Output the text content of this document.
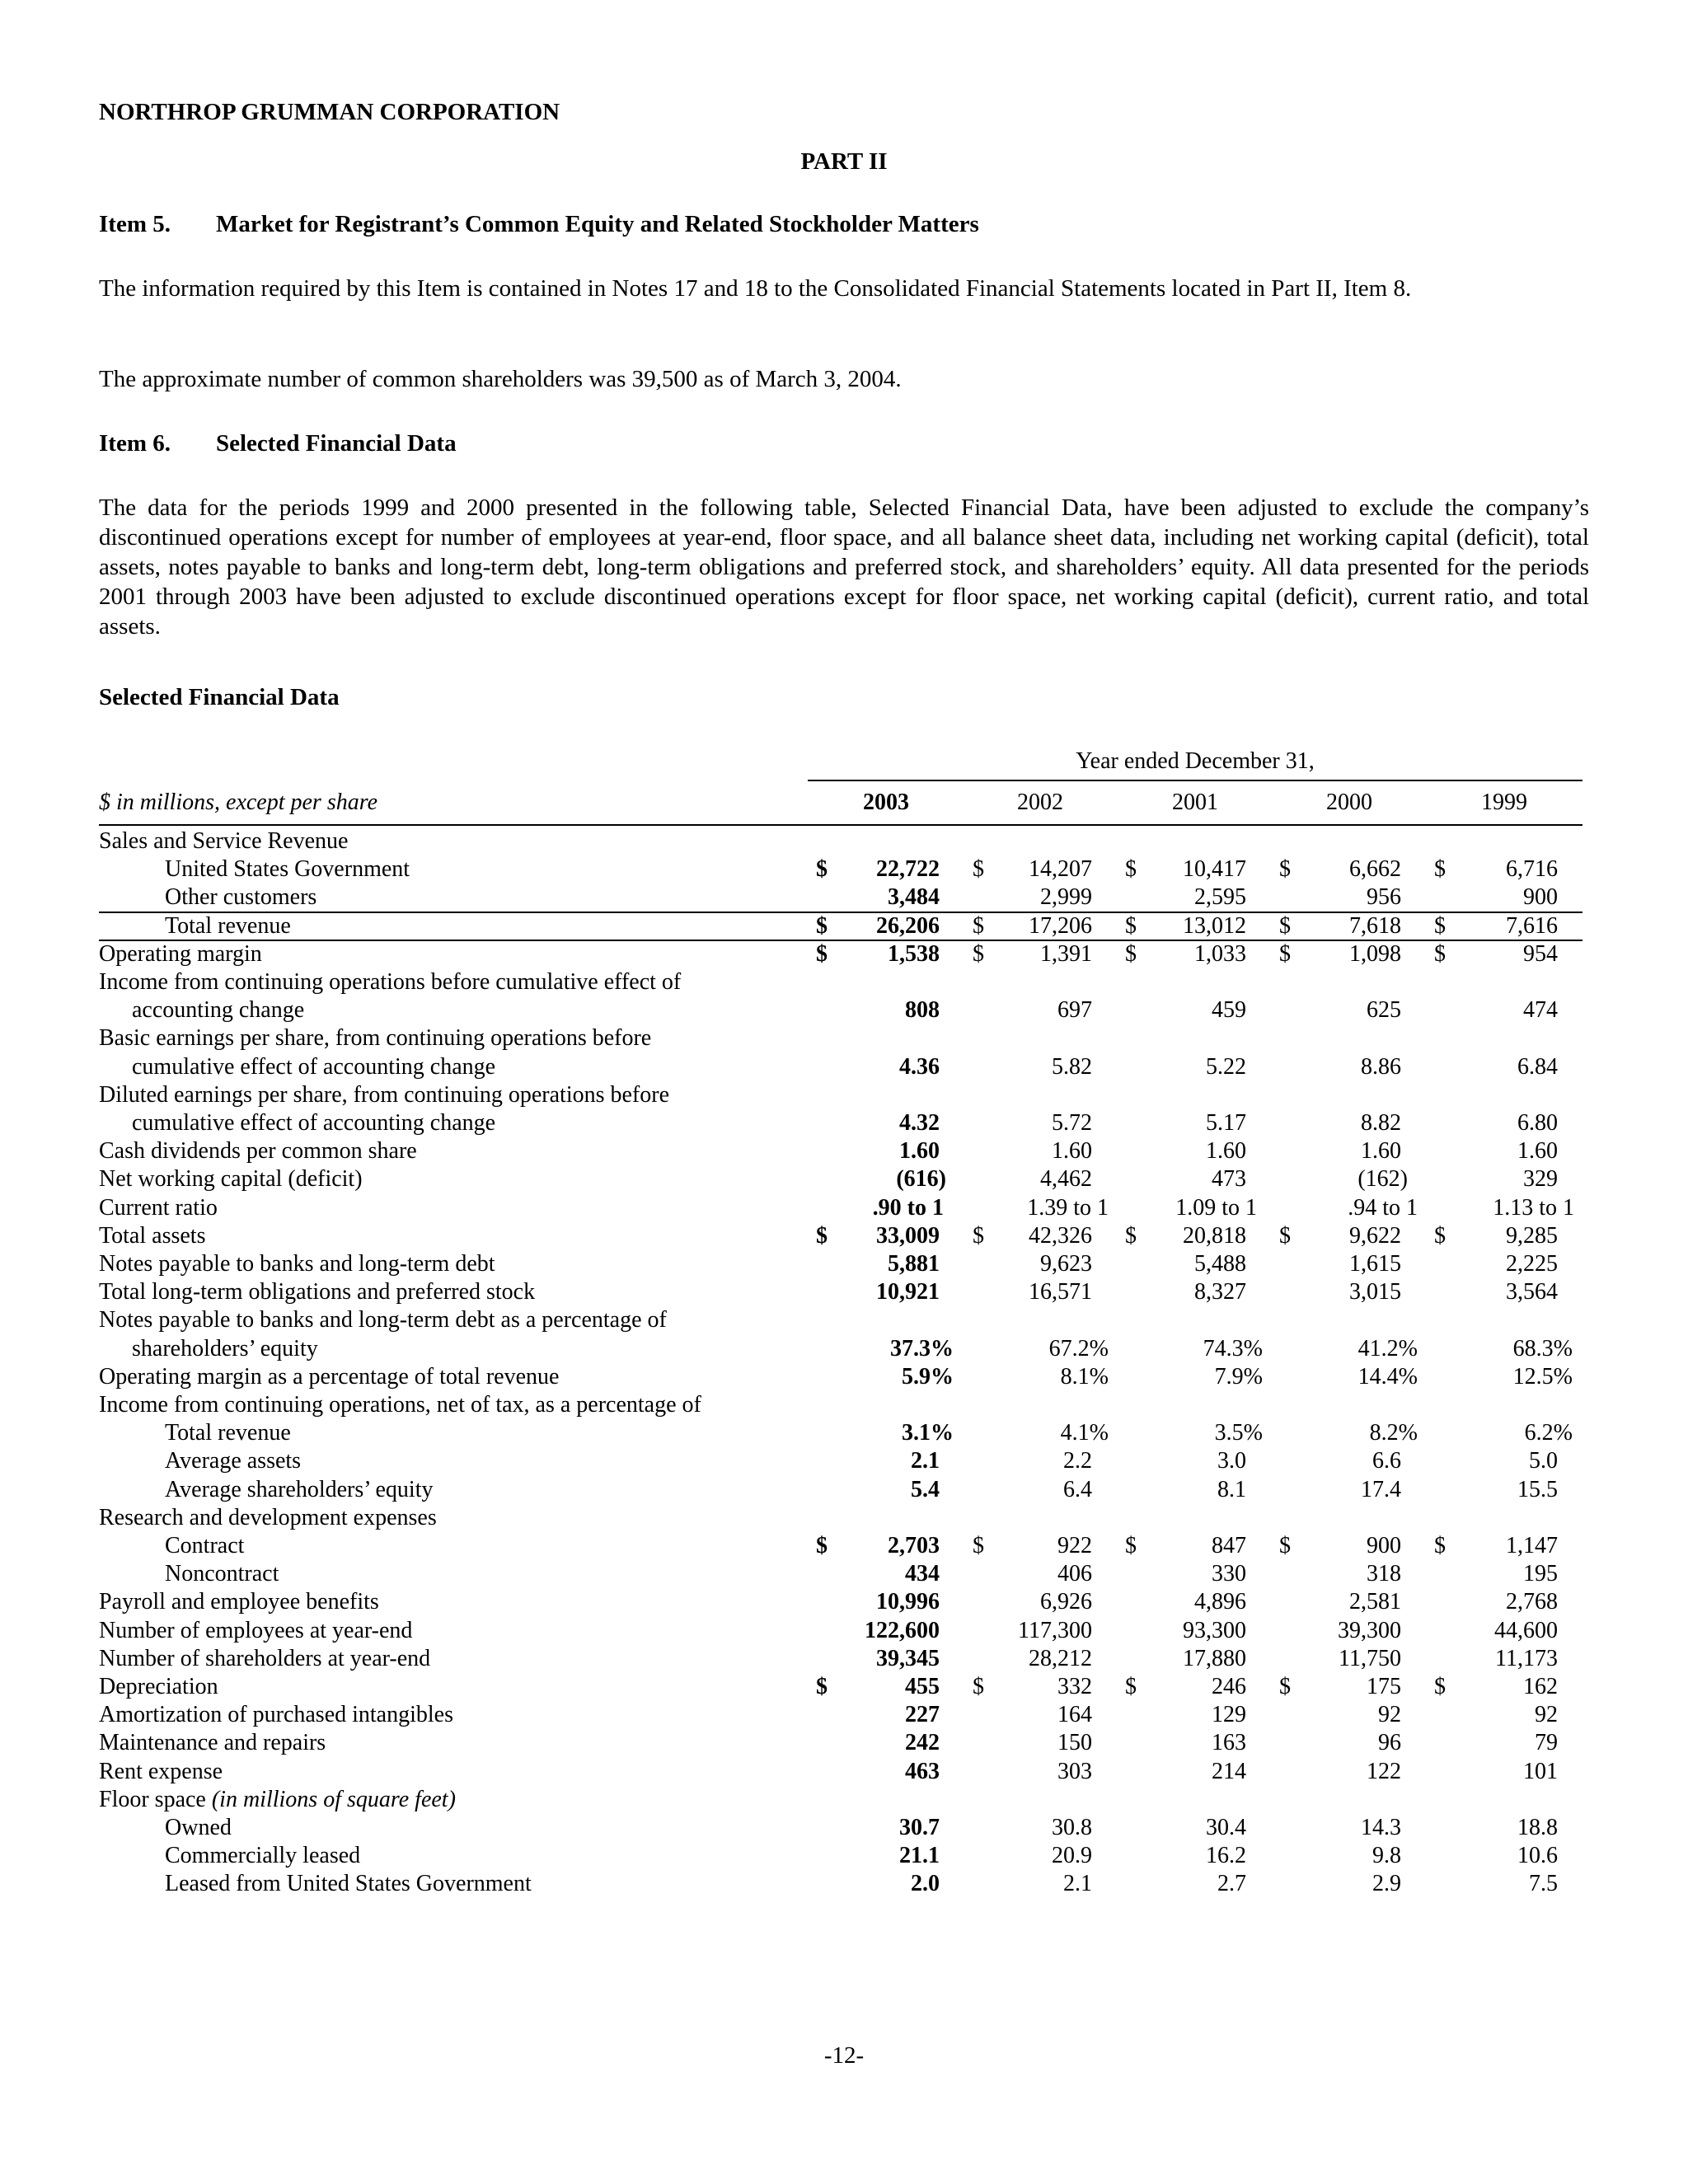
NORTHROP GRUMMAN CORPORATION
PART II
Item 5. Market for Registrant’s Common Equity and Related Stockholder Matters
The information required by this Item is contained in Notes 17 and 18 to the Consolidated Financial Statements located in Part II, Item 8.
The approximate number of common shareholders was 39,500 as of March 3, 2004.
Item 6. Selected Financial Data
The data for the periods 1999 and 2000 presented in the following table, Selected Financial Data, have been adjusted to exclude the company’s discontinued operations except for number of employees at year-end, floor space, and all balance sheet data, including net working capital (deficit), total assets, notes payable to banks and long-term debt, long-term obligations and preferred stock, and shareholders’ equity. All data presented for the periods 2001 through 2003 have been adjusted to exclude discontinued operations except for floor space, net working capital (deficit), current ratio, and total assets.
Selected Financial Data
Year ended December 31,
$ in millions, except per share	2003	2002	2001	2000	1999
Sales and Service Revenue
United States Government	$	22,722 $	14,207 $	10,417 $	6,662 $	6,716
Other customers	3,484	2,999	2,595	956	900
Total revenue	$	26,206 $	17,206 $	13,012 $	7,618 $	7,616
Operating margin	$	1,538 $	1,391 $	1,033 $	1,098 $	954
Income from continuing operations before cumulative effect of
accounting change	808	697	459	625	474
Basic earnings per share, from continuing operations before
cumulative effect of accounting change	4.36	5.82	5.22	8.86	6.84
Diluted earnings per share, from continuing operations before
cumulative effect of accounting change	4.32	5.72	5.17	8.82	6.80
Cash dividends per common share	1.60	1.60	1.60	1.60	1.60
Net working capital (deficit)	(616)	4,462	473	(162)	329
Current ratio	.90 to 1	1.39 to 1	1.09 to 1	.94 to 1	1.13 to 1
Total assets	$	33,009 $	42,326 $	20,818 $	9,622 $	9,285
Notes payable to banks and long-term debt	5,881	9,623	5,488	1,615	2,225
Total long-term obligations and preferred stock	10,921	16,571	8,327	3,015	3,564
Notes payable to banks and long-term debt as a percentage of
shareholders’ equity	37.3%	67.2%	74.3%	41.2%	68.3%
Operating margin as a percentage of total revenue	5.9%	8.1%	7.9%	14.4%	12.5%
Income from continuing operations, net of tax, as a percentage of
Total revenue	3.1%	4.1%	3.5%	8.2%	6.2%
Average assets	2.1	2.2	3.0	6.6	5.0
Average shareholders’ equity	5.4	6.4	8.1	17.4	15.5
Research and development expenses
Contract	$	2,703 $	922 $	847 $	900 $	1,147
Noncontract	434	406	330	318	195
Payroll and employee benefits	10,996	6,926	4,896	2,581	2,768
Number of employees at year-end	122,600	117,300	93,300	39,300	44,600
Number of shareholders at year-end	39,345	28,212	17,880	11,750	11,173
Depreciation	$	455 $	332 $	246 $	175 $	162
Amortization of purchased intangibles	227	164	129	92	92
Maintenance and repairs	242	150	163	96	79
Rent expense	463	303	214	122	101
Floor space (in millions of square feet)
Owned	30.7	30.8	30.4	14.3	18.8
Commercially leased	21.1	20.9	16.2	9.8	10.6
Leased from United States Government	2.0	2.1	2.7	2.9	7.5
-12-
